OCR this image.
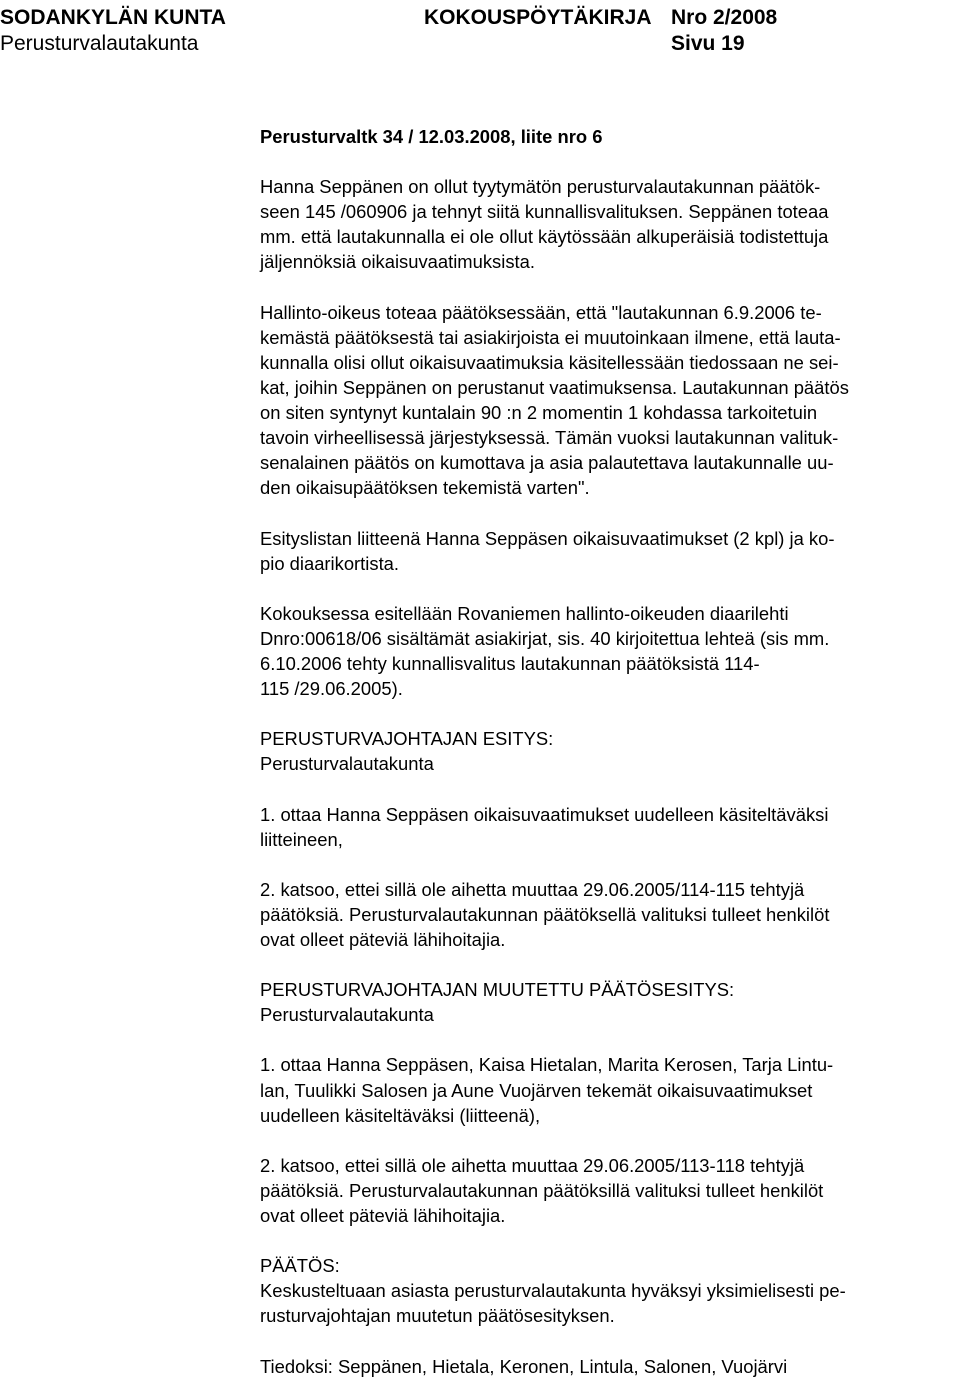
SODANKYLÄN KUNTA	KOKOUSPÖYTÄKIRJA Nro 2/2008
Perusturvalautakunta	Sivu 19
Perusturvaltk 34 / 12.03.2008, liite nro 6
Hanna Seppänen on ollut tyytymätön perusturvalautakunnan päätök-
seen 145 /060906 ja tehnyt siitä kunnallisvalituksen. Seppänen toteaa
mm. että lautakunnalla ei ole ollut käytössään alkuperäisiä todistettuja
jäljennöksiä oikaisuvaatimuksista.
Hallinto-oikeus toteaa päätöksessään, että "lautakunnan 6.9.2006 te-
kemästä päätöksestä tai asiakirjoista ei muutoinkaan ilmene, että lauta-
kunnalla olisi ollut oikaisuvaatimuksia käsitellessään tiedossaan ne sei-
kat, joihin Seppänen on perustanut vaatimuksensa. Lautakunnan päätös
on siten syntynyt kuntalain 90 :n 2 momentin 1 kohdassa tarkoitetuin
tavoin virheellisessä järjestyksessä. Tämän vuoksi lautakunnan valituk-
senalainen päätös on kumottava ja asia palautettava lautakunnalle uu-
den oikaisupäätöksen tekemistä varten".
Esityslistan liitteenä Hanna Seppäsen oikaisuvaatimukset (2 kpl) ja ko-
pio diaarikortista.
Kokouksessa esitellään Rovaniemen hallinto-oikeuden diaarilehti
Dnro:00618/06 sisältämät asiakirjat, sis. 40 kirjoitettua lehteä (sis mm.
6.10.2006 tehty kunnallisvalitus lautakunnan päätöksistä 114-
115 /29.06.2005).
PERUSTURVAJOHTAJAN ESITYS:
Perusturvalautakunta
1. ottaa Hanna Seppäsen oikaisuvaatimukset uudelleen käsiteltäväksi
liitteineen,
2. katsoo, ettei sillä ole aihetta muuttaa 29.06.2005/114-115 tehtyjä
päätöksiä. Perusturvalautakunnan päätöksellä valituksi tulleet henkilöt
ovat olleet päteviä lähihoitajia.
PERUSTURVAJOHTAJAN MUUTETTU PÄÄTÖSESITYS:
Perusturvalautakunta
1. ottaa Hanna Seppäsen, Kaisa Hietalan, Marita Kerosen, Tarja Lintu-
lan, Tuulikki Salosen ja Aune Vuojärven tekemät oikaisuvaatimukset
uudelleen käsiteltäväksi (liitteenä),
2. katsoo, ettei sillä ole aihetta muuttaa 29.06.2005/113-118 tehtyjä
päätöksiä. Perusturvalautakunnan päätöksillä valituksi tulleet henkilöt
ovat olleet päteviä lähihoitajia.
PÄÄTÖS:
Keskusteltuaan asiasta perusturvalautakunta hyväksyi yksimielisesti pe-
rusturvajohtajan muutetun päätösesityksen.
Tiedoksi: Seppänen, Hietala, Keronen, Lintula, Salonen, Vuojärvi
